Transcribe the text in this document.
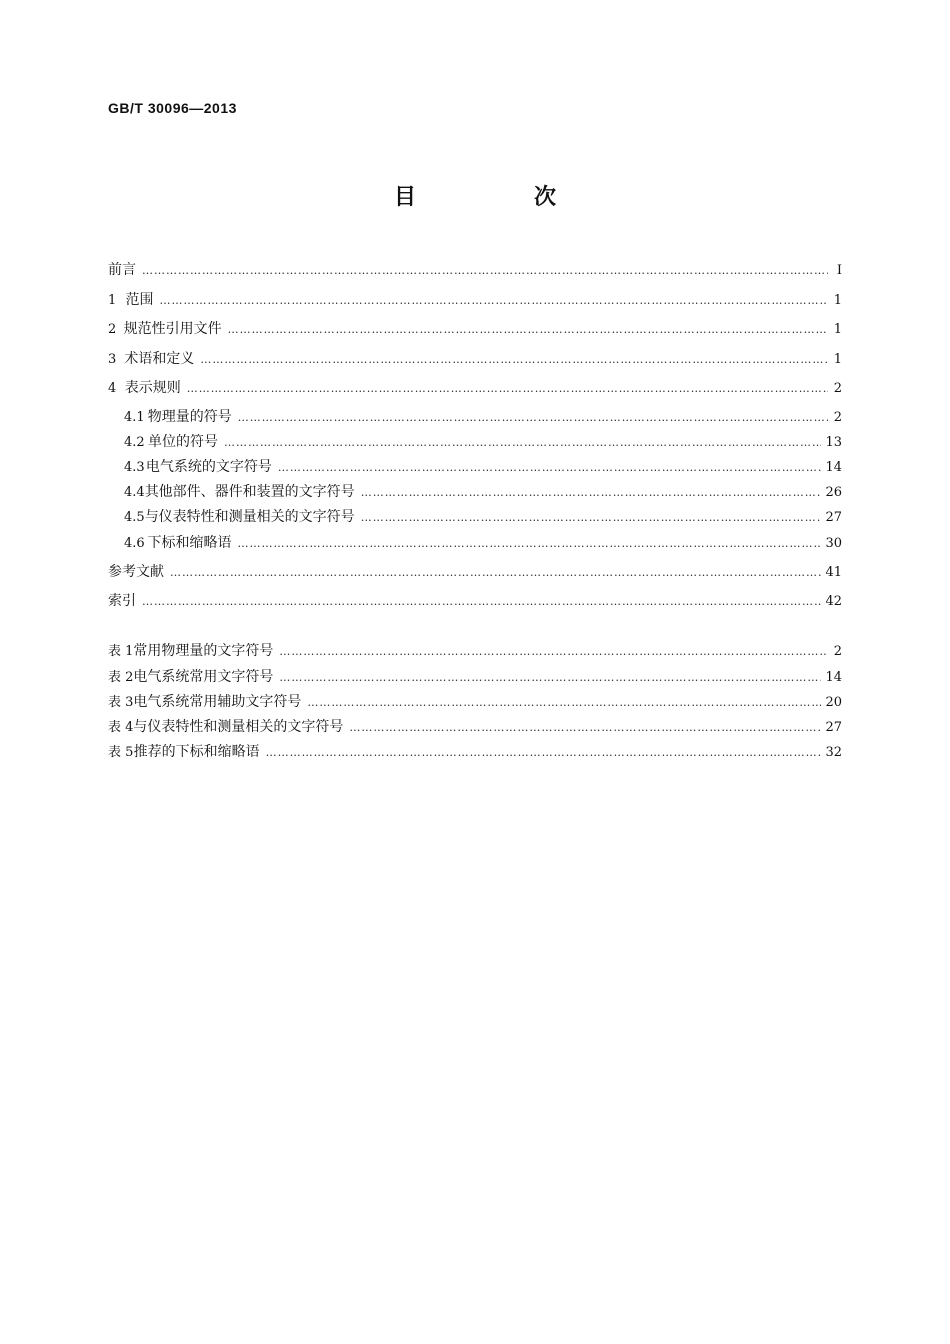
GB/T 30096—2013
目　次
前言 ……………………………………………………………………………………………………………………………………………………………………………………………………………………………	Ⅰ
1 范围 ……………………………………………………………………………………………………………………………………………………………………………………………………………………………	1
2 规范性引用文件 ……………………………………………………………………………………………………………………………………………………………………………………………………………………………	1
3 术语和定义 ……………………………………………………………………………………………………………………………………………………………………………………………………………………………	1
4 表示规则 ……………………………………………………………………………………………………………………………………………………………………………………………………………………………	2
4.1 物理量的符号 ……………………………………………………………………………………………………………………………………………………………………………………………………………………………	2
4.2 单位的符号 ……………………………………………………………………………………………………………………………………………………………………………………………………………………………	13
4.3 电气系统的文字符号 ……………………………………………………………………………………………………………………………………………………………………………………………………………………………	14
4.4 其他部件、器件和装置的文字符号 ……………………………………………………………………………………………………………………………………………………………………………………………………………………………	26
4.5 与仪表特性和测量相关的文字符号 ……………………………………………………………………………………………………………………………………………………………………………………………………………………………	27
4.6 下标和缩略语 ……………………………………………………………………………………………………………………………………………………………………………………………………………………………	30
参考文献 ……………………………………………………………………………………………………………………………………………………………………………………………………………………………	41
索引 ……………………………………………………………………………………………………………………………………………………………………………………………………………………………	42
表 1 常用物理量的文字符号 ……………………………………………………………………………………………………………………………………………………………………………………………………………………………	2
表 2 电气系统常用文字符号 ……………………………………………………………………………………………………………………………………………………………………………………………………………………………	14
表 3 电气系统常用辅助文字符号 ……………………………………………………………………………………………………………………………………………………………………………………………………………………………	20
表 4 与仪表特性和测量相关的文字符号 ……………………………………………………………………………………………………………………………………………………………………………………………………………………………	27
表 5 推荐的下标和缩略语 ……………………………………………………………………………………………………………………………………………………………………………………………………………………………	32
